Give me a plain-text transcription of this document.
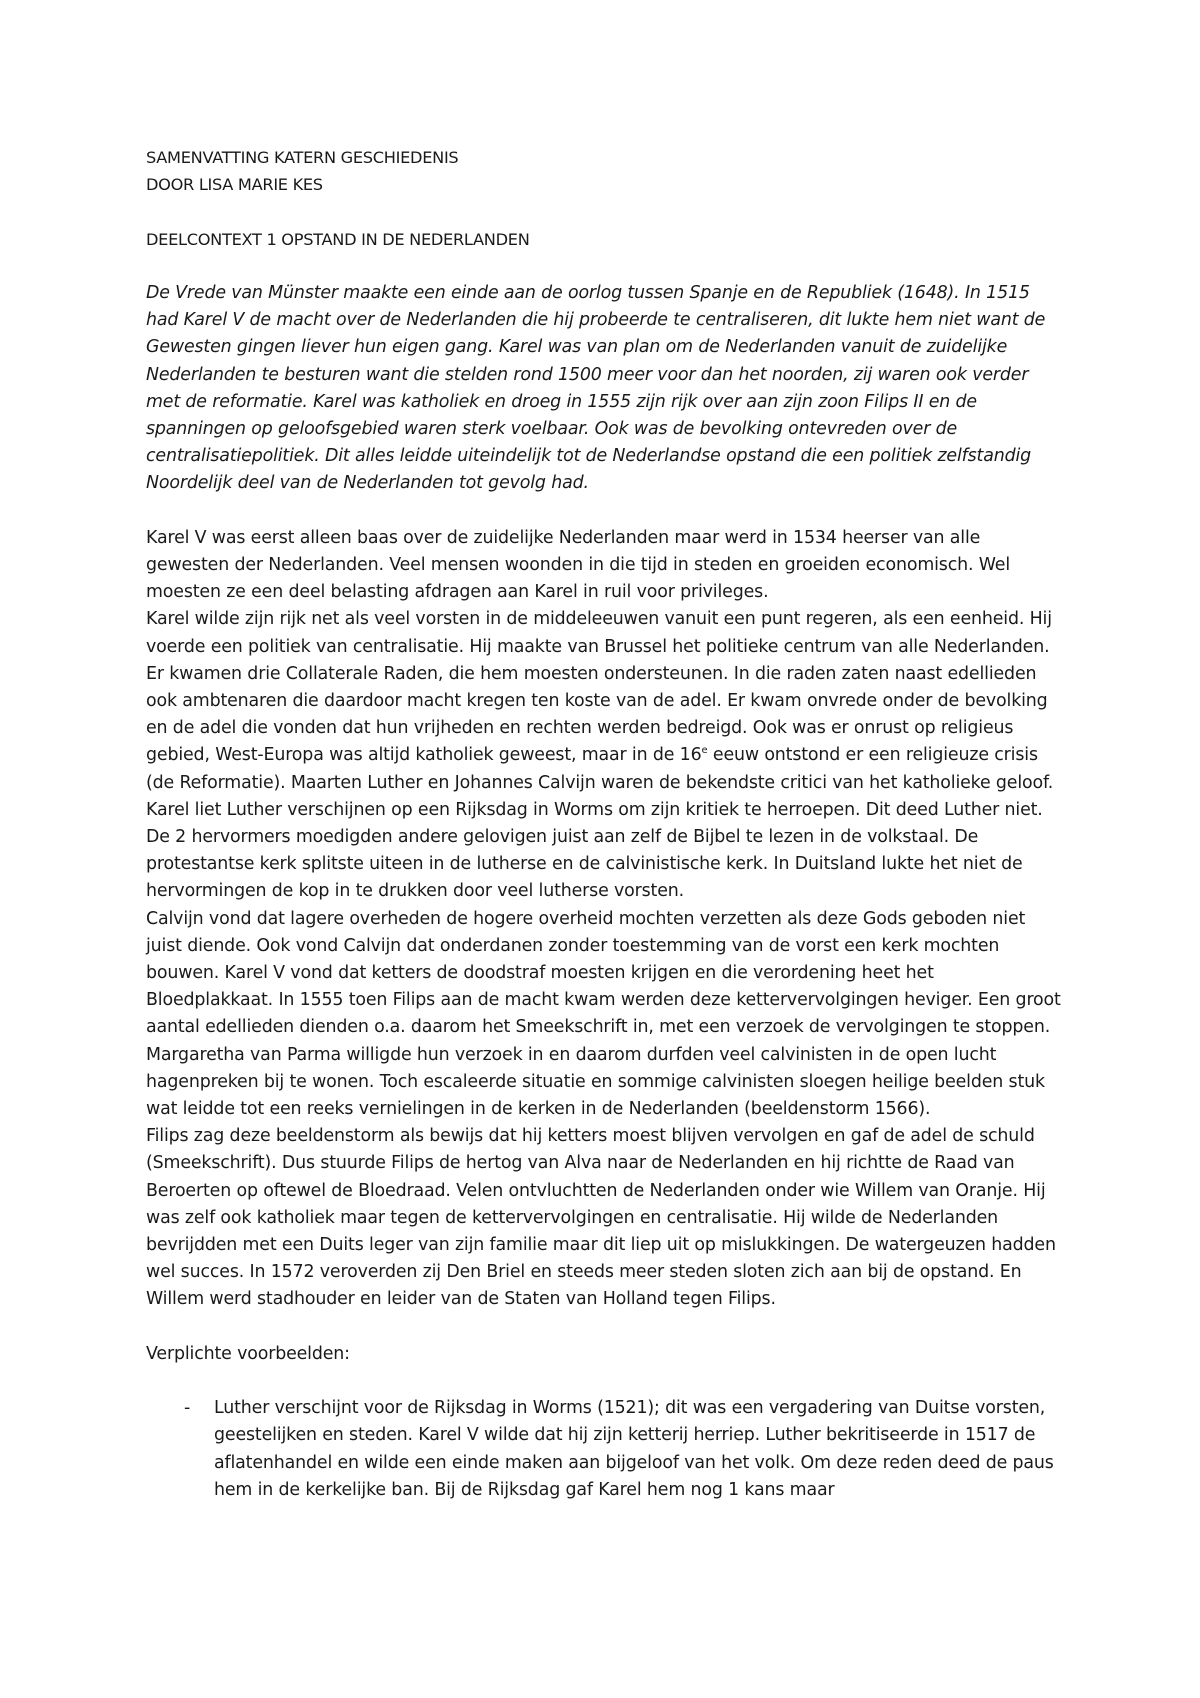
SAMENVATTING KATERN GESCHIEDENIS

DOOR LISA MARIE KES

DEELCONTEXT 1 OPSTAND IN DE NEDERLANDEN

De Vrede van Münster maakte een einde aan de oorlog tussen Spanje en de Republiek (1648). In 1515 had Karel V de macht over de Nederlanden die hij probeerde te centraliseren, dit lukte hem niet want de Gewesten gingen liever hun eigen gang. Karel was van plan om de Nederlanden vanuit de zuidelijke Nederlanden te besturen want die stelden rond 1500 meer voor dan het noorden, zij waren ook verder met de reformatie. Karel was katholiek en droeg in 1555 zijn rijk over aan zijn zoon Filips II en de spanningen op geloofsgebied waren sterk voelbaar. Ook was de bevolking ontevreden over de centralisatiepolitiek. Dit alles leidde uiteindelijk tot de Nederlandse opstand die een politiek zelfstandig Noordelijk deel van de Nederlanden tot gevolg had.

Karel V was eerst alleen baas over de zuidelijke Nederlanden maar werd in 1534 heerser van alle gewesten der Nederlanden. Veel mensen woonden in die tijd in steden en groeiden economisch. Wel moesten ze een deel belasting afdragen aan Karel in ruil voor privileges.

Karel wilde zijn rijk net als veel vorsten in de middeleeuwen vanuit een punt regeren, als een eenheid. Hij voerde een politiek van centralisatie. Hij maakte van Brussel het politieke centrum van alle Nederlanden. Er kwamen drie Collaterale Raden, die hem moesten ondersteunen. In die raden zaten naast edellieden ook ambtenaren die daardoor macht kregen ten koste van de adel. Er kwam onvrede onder de bevolking en de adel die vonden dat hun vrijheden en rechten werden bedreigd. Ook was er onrust op religieus gebied, West-Europa was altijd katholiek geweest, maar in de 16e eeuw ontstond er een religieuze crisis (de Reformatie). Maarten Luther en Johannes Calvijn waren de bekendste critici van het katholieke geloof. Karel liet Luther verschijnen op een Rijksdag in Worms om zijn kritiek te herroepen. Dit deed Luther niet.

De 2 hervormers moedigden andere gelovigen juist aan zelf de Bijbel te lezen in de volkstaal. De protestantse kerk splitste uiteen in de lutherse en de calvinistische kerk. In Duitsland lukte het niet de hervormingen de kop in te drukken door veel lutherse vorsten.

Calvijn vond dat lagere overheden de hogere overheid mochten verzetten als deze Gods geboden niet juist diende. Ook vond Calvijn dat onderdanen zonder toestemming van de vorst een kerk mochten bouwen. Karel V vond dat ketters de doodstraf moesten krijgen en die verordening heet het Bloedplakkaat. In 1555 toen Filips aan de macht kwam werden deze kettervervolgingen heviger. Een groot aantal edellieden dienden o.a. daarom het Smeekschrift in, met een verzoek de vervolgingen te stoppen. Margaretha van Parma willigde hun verzoek in en daarom durfden veel calvinisten in de open lucht hagenpreken bij te wonen. Toch escaleerde situatie en sommige calvinisten sloegen heilige beelden stuk wat leidde tot een reeks vernielingen in de kerken in de Nederlanden (beeldenstorm 1566).

Filips zag deze beeldenstorm als bewijs dat hij ketters moest blijven vervolgen en gaf de adel de schuld (Smeekschrift). Dus stuurde Filips de hertog van Alva naar de Nederlanden en hij richtte de Raad van Beroerten op oftewel de Bloedraad. Velen ontvluchtten de Nederlanden onder wie Willem van Oranje. Hij was zelf ook katholiek maar tegen de kettervervolgingen en centralisatie. Hij wilde de Nederlanden bevrijdden met een Duits leger van zijn familie maar dit liep uit op mislukkingen. De watergeuzen hadden wel succes. In 1572 veroverden zij Den Briel en steeds meer steden sloten zich aan bij de opstand. En Willem werd stadhouder en leider van de Staten van Holland tegen Filips.

Verplichte voorbeelden:

- Luther verschijnt voor de Rijksdag in Worms (1521); dit was een vergadering van Duitse vorsten, geestelijken en steden. Karel V wilde dat hij zijn ketterij herriep. Luther bekritiseerde in 1517 de aflatenhandel en wilde een einde maken aan bijgeloof van het volk. Om deze reden deed de paus hem in de kerkelijke ban. Bij de Rijksdag gaf Karel hem nog 1 kans maar
